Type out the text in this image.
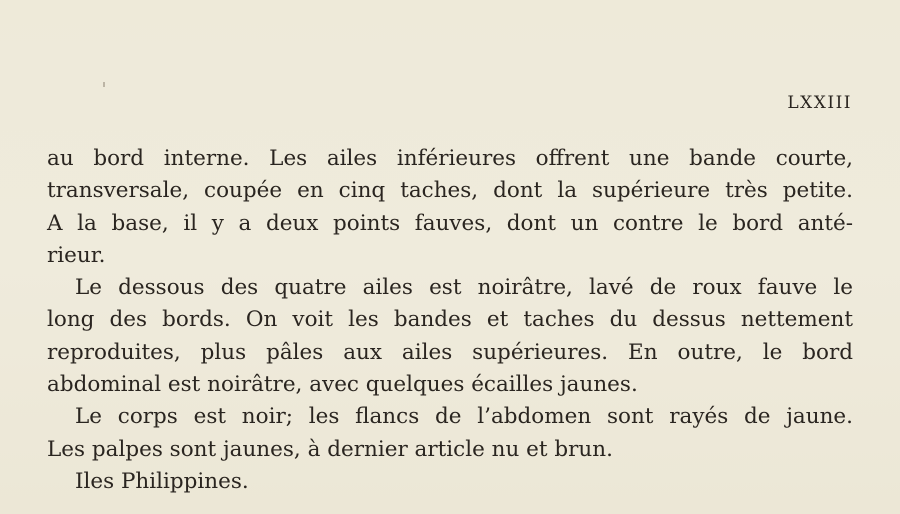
LXXIII
au bord interne. Les ailes inférieures offrent une bande courte,
transversale, coupée en cinq taches, dont la supérieure très petite.
A la base, il y a deux points fauves, dont un contre le bord anté-
rieur.
Le dessous des quatre ailes est noirâtre, lavé de roux fauve le
long des bords. On voit les bandes et taches du dessus nettement
reproduites, plus pâles aux ailes supérieures. En outre, le bord
abdominal est noirâtre, avec quelques écailles jaunes.
Le corps est noir; les flancs de l’abdomen sont rayés de jaune.
Les palpes sont jaunes, à dernier article nu et brun.
Iles Philippines.
